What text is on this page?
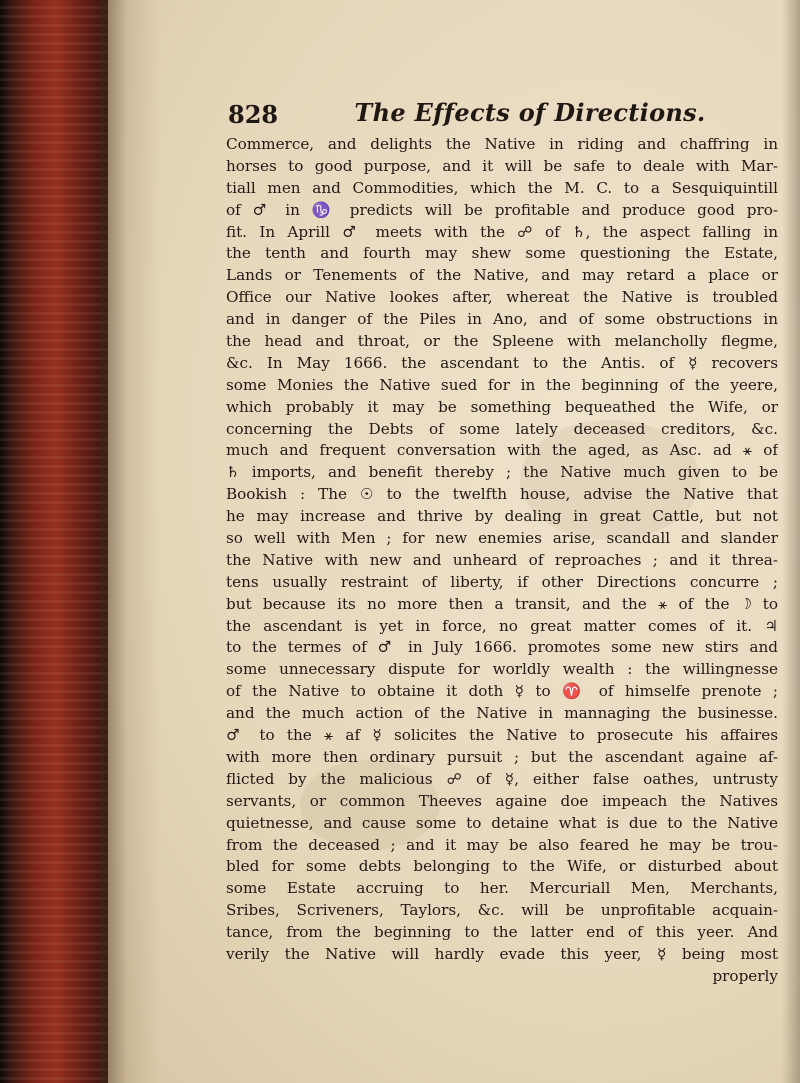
828	The Effects of Directions.
Commerce, and delights the Native in riding and chaffring in
horses to good purpose, and it will be safe to deale with Mar-
tiall men and Commodities, which the M. C. to a Sesquiquintill
of ♂ in ♑ predicts will be profitable and produce good pro-
fit. In Aprill ♂ meets with the ☍ of ♄, the aspect falling in
the tenth and fourth may shew some questioning the Estate,
Lands or Tenements of the Native, and may retard a place or
Office our Native lookes after, whereat the Native is troubled
and in danger of the Piles in Ano, and of some obstructions in
the head and throat, or the Spleene with melancholly flegme,
&c. In May 1666. the ascendant to the Antis. of ☿ recovers
some Monies the Native sued for in the beginning of the yeere,
which probably it may be something bequeathed the Wife, or
concerning the Debts of some lately deceased creditors, &c.
much and frequent conversation with the aged, as Asc. ad ⚹ of
♄ imports, and benefit thereby ; the Native much given to be
Bookish : The ☉ to the twelfth house, advise the Native that
he may increase and thrive by dealing in great Cattle, but not
so well with Men ; for new enemies arise, scandall and slander
the Native with new and unheard of reproaches ; and it threa-
tens usually restraint of liberty, if other Directions concurre ;
but because its no more then a transit, and the ⚹ of the ☽ to
the ascendant is yet in force, no great matter comes of it. ♃
to the termes of ♂ in July 1666. promotes some new stirs and
some unnecessary dispute for worldly wealth : the willingnesse
of the Native to obtaine it doth ☿ to ♈ of himselfe prenote ;
and the much action of the Native in mannaging the businesse.
♂ to the ⚹ af ☿ solicites the Native to prosecute his affaires
with more then ordinary pursuit ; but the ascendant againe af-
flicted by the malicious ☍ of ☿, either false oathes, untrusty
servants, or common Theeves againe doe impeach the Natives
quietnesse, and cause some to detaine what is due to the Native
from the deceased ; and it may be also feared he may be trou-
bled for some debts belonging to the Wife, or disturbed about
some Estate accruing to her. Mercuriall Men, Merchants,
Sribes, Scriveners, Taylors, &c. will be unprofitable acquain-
tance, from the beginning to the latter end of this yeer. And
verily the Native will hardly evade this yeer, ☿ being most
properly
